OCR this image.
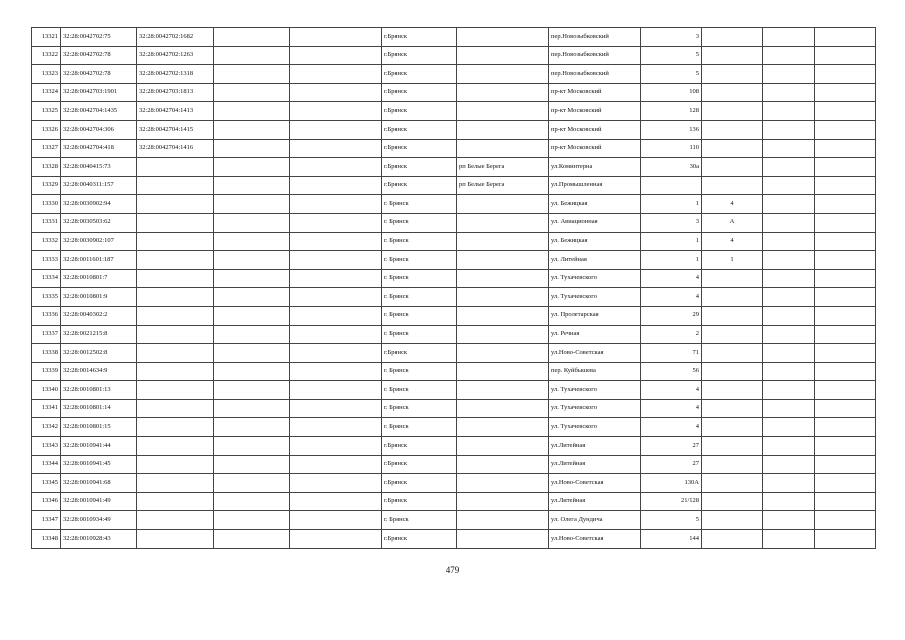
13321	32:28:0042702:75	32:28:0042702:1682			г.Брянск		пер.Новозыбковский	3			
13322	32:28:0042702:78	32:28:0042702:1263			г.Брянск		пер.Новозыбковский	5			
13323	32:28:0042702:78	32:28:0042702:1318			г.Брянск		пер.Новозыбковский	5			
13324	32:28:0042703:1901	32:28:0042703:1813			г.Брянск		пр-кт Московский	108			
13325	32:28:0042704:1435	32:28:0042704:1413			г.Брянск		пр-кт Московский	128			
13326	32:28:0042704:306	32:28:0042704:1415			г.Брянск		пр-кт Московский	136			
13327	32:28:0042704:418	32:28:0042704:1416			г.Брянск		пр-кт Московский	110			
13328	32:28:0040415:73				г.Брянск	рп Белые Берега	ул.Коминтерна	30а			
13329	32:28:0040311:157				г.Брянск	рп Белые Берега	ул.Промышленная				
13330	32:28:0030902:94				г. Брянск		ул. Бежицкая	1	4		
13331	32:28:0030503:62				г. Брянск		ул. Авиационная	3	А		
13332	32:28:0030902:107				г. Брянск		ул. Бежицкая	1	4		
13333	32:28:0011601:187				г. Брянск		ул. Литейная	1	1		
13334	32:28:0010801:7				г. Брянск		ул. Тухачевского	4			
13335	32:28:0010801:9				г. Брянск		ул. Тухачевского	4			
13336	32:28:0040302:2				г. Брянск		ул. Пролетарская	29			
13337	32:28:0021215:8				г. Брянск		ул. Речная	2			
13338	32:28:0012502:8				г.Брянск		ул.Ново-Советская	71			
13339	32:28:0014634:9				г. Брянск		пер. Куйбышева	56			
13340	32:28:0010801:13				г. Брянск		ул. Тухачевского	4			
13341	32:28:0010801:14				г. Брянск		ул. Тухачевского	4			
13342	32:28:0010801:15				г. Брянск		ул. Тухачевского	4			
13343	32:28:0010941:44				г.Брянск		ул.Литейная	27			
13344	32:28:0010941:45				г.Брянск		ул.Литейная	27			
13345	32:28:0010941:68				г.Брянск		ул.Ново-Советская	130А			
13346	32:28:0010941:49				г.Брянск		ул.Литейная	21/128			
13347	32:28:0010934:49				г. Брянск		ул. Олега Дундича	5			
13348	32:28:0010928:43				г.Брянск		ул.Ново-Советская	144			
479
